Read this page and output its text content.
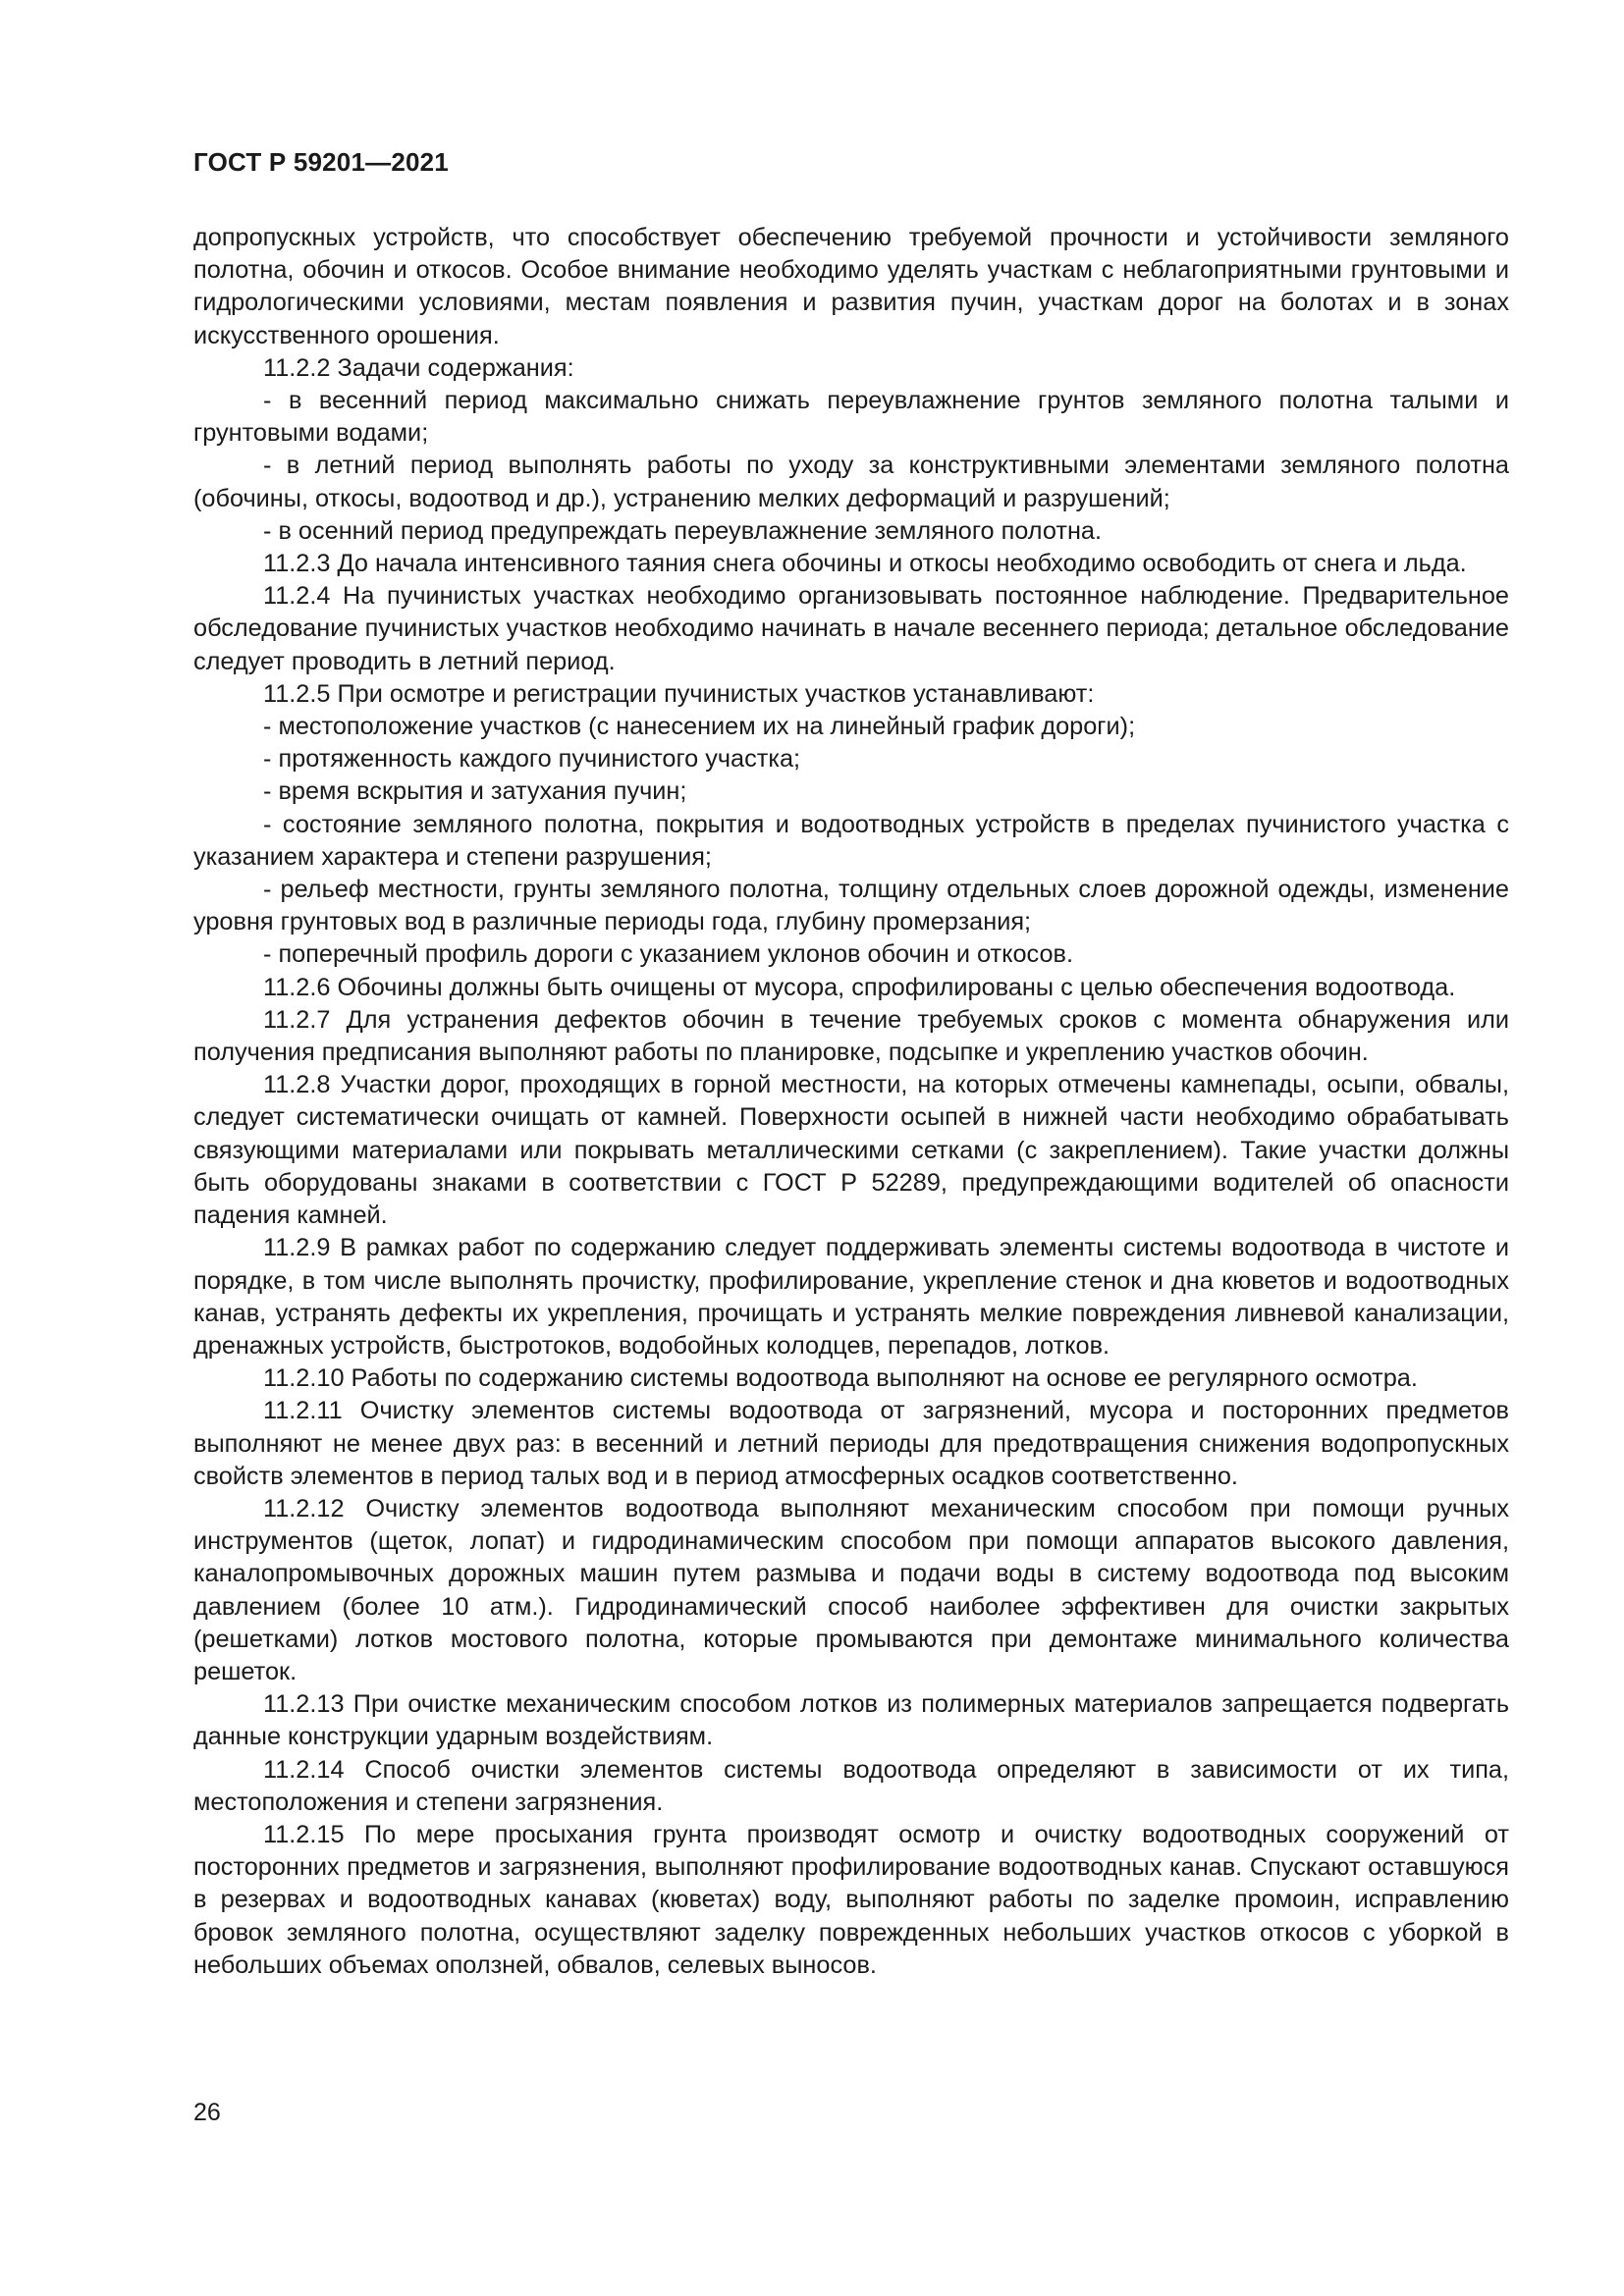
ГОСТ Р 59201—2021

допропускных устройств, что способствует обеспечению требуемой прочности и устойчивости земляного полотна, обочин и откосов. Особое внимание необходимо уделять участкам с неблагоприятными грунтовыми и гидрологическими условиями, местам появления и развития пучин, участкам дорог на болотах и в зонах искусственного орошения.

11.2.2 Задачи содержания:

- в весенний период максимально снижать переувлажнение грунтов земляного полотна талыми и грунтовыми водами;

- в летний период выполнять работы по уходу за конструктивными элементами земляного полотна (обочины, откосы, водоотвод и др.), устранению мелких деформаций и разрушений;

- в осенний период предупреждать переувлажнение земляного полотна.

11.2.3 До начала интенсивного таяния снега обочины и откосы необходимо освободить от снега и льда.

11.2.4 На пучинистых участках необходимо организовывать постоянное наблюдение. Предварительное обследование пучинистых участков необходимо начинать в начале весеннего периода; детальное обследование следует проводить в летний период.

11.2.5 При осмотре и регистрации пучинистых участков устанавливают:

- местоположение участков (с нанесением их на линейный график дороги);

- протяженность каждого пучинистого участка;

- время вскрытия и затухания пучин;

- состояние земляного полотна, покрытия и водоотводных устройств в пределах пучинистого участка с указанием характера и степени разрушения;

- рельеф местности, грунты земляного полотна, толщину отдельных слоев дорожной одежды, изменение уровня грунтовых вод в различные периоды года, глубину промерзания;

- поперечный профиль дороги с указанием уклонов обочин и откосов.

11.2.6 Обочины должны быть очищены от мусора, спрофилированы с целью обеспечения водоотвода.

11.2.7 Для устранения дефектов обочин в течение требуемых сроков с момента обнаружения или получения предписания выполняют работы по планировке, подсыпке и укреплению участков обочин.

11.2.8 Участки дорог, проходящих в горной местности, на которых отмечены камнепады, осыпи, обвалы, следует систематически очищать от камней. Поверхности осыпей в нижней части необходимо обрабатывать связующими материалами или покрывать металлическими сетками (с закреплением). Такие участки должны быть оборудованы знаками в соответствии с ГОСТ Р 52289, предупреждающими водителей об опасности падения камней.

11.2.9 В рамках работ по содержанию следует поддерживать элементы системы водоотвода в чистоте и порядке, в том числе выполнять прочистку, профилирование, укрепление стенок и дна кюветов и водоотводных канав, устранять дефекты их укрепления, прочищать и устранять мелкие повреждения ливневой канализации, дренажных устройств, быстротоков, водобойных колодцев, перепадов, лотков.

11.2.10 Работы по содержанию системы водоотвода выполняют на основе ее регулярного осмотра.

11.2.11 Очистку элементов системы водоотвода от загрязнений, мусора и посторонних предметов выполняют не менее двух раз: в весенний и летний периоды для предотвращения снижения водопропускных свойств элементов в период талых вод и в период атмосферных осадков соответственно.

11.2.12 Очистку элементов водоотвода выполняют механическим способом при помощи ручных инструментов (щеток, лопат) и гидродинамическим способом при помощи аппаратов высокого давления, каналопромывочных дорожных машин путем размыва и подачи воды в систему водоотвода под высоким давлением (более 10 атм.). Гидродинамический способ наиболее эффективен для очистки закрытых (решетками) лотков мостового полотна, которые промываются при демонтаже минимального количества решеток.

11.2.13 При очистке механическим способом лотков из полимерных материалов запрещается подвергать данные конструкции ударным воздействиям.

11.2.14 Способ очистки элементов системы водоотвода определяют в зависимости от их типа, местоположения и степени загрязнения.

11.2.15 По мере просыхания грунта производят осмотр и очистку водоотводных сооружений от посторонних предметов и загрязнения, выполняют профилирование водоотводных канав. Спускают оставшуюся в резервах и водоотводных канавах (кюветах) воду, выполняют работы по заделке промоин, исправлению бровок земляного полотна, осуществляют заделку поврежденных небольших участков откосов с уборкой в небольших объемах оползней, обвалов, селевых выносов.

26
